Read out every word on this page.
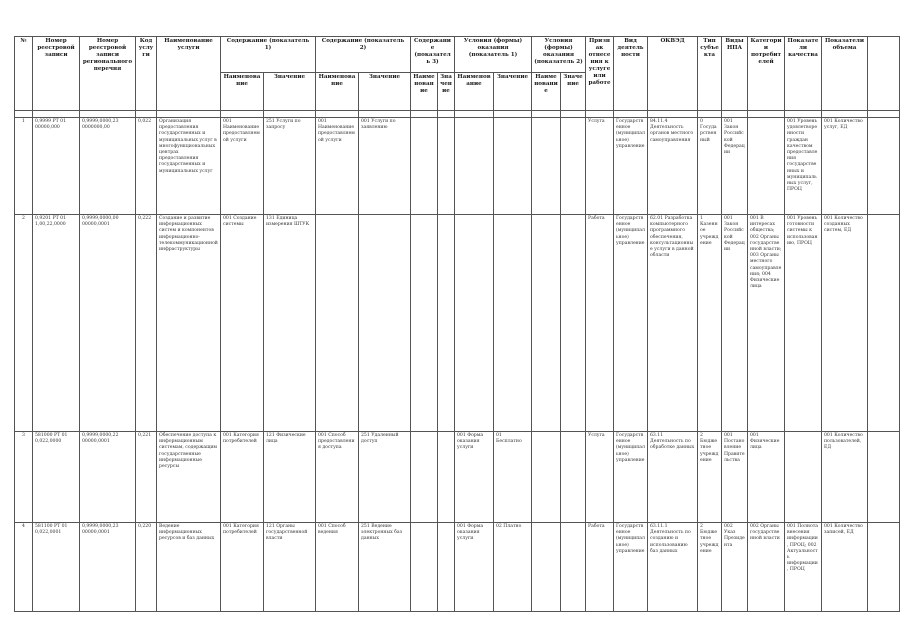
№	Номер реестровой записи	Номер реестровой записи регионального перечня	Код услуги	Наименование услуги	Содержание (показатель 1)		Содержание (показатель 2)		Содержание (показатель 3)		Условия (формы) оказания (показатель 1)		Условия (формы) оказания (показатель 2)		Признак отнесения к услуге или работе	Вид деятельности	ОКВЭД	Тип субъекта	Виды НПА	Категории потребителей	Показатели качества	Показатели объема	
					Наименование	Значение	Наименование	Значение	Наименование	Значение	Наименование	Значение	Наименование	Значение									

1	0,9999 PT 01 00000,000	0,9999,0000,23 0000000,00	0,022	Организация предоставления государственных и муниципальных услуг в многофункциональных центрах предоставления государственных и муниципальных услуг	001 Наименование предоставляемой услуги	251 Услуги по запросу	001 Наименование предоставляемой услуги	001 Услуги по заявлению							Услуга	Государственное (муниципальное) управление	84.11.4 Деятельность органов местного самоуправления	0 Государственный	001 Закон Российской Федерации		001 Уровень удовлетворенности граждан качеством предоставления государственных и муниципальных услуг, ПРОЦ	001 Количество услуг, ЕД	
2	0,9201 PT 01 1,00,22,0000	0,9999,0000,00 00000,0001	0,222	Создание и развитие информационных систем и компонентов информационно-телекоммуникационной инфраструктуры	001 Создание системы	131 Единица измерения ШТУК									Работа	Государственное (муниципальное) управление	62.01 Разработка компьютерного программного обеспечения, консультационные услуги в данной области	1 Казенное учреждение	001 Закон Российской Федерации	001 В интересах общества; 002 Органы государственной власти; 003 Органы местного самоуправления; 004 Физические лица	001 Уровень готовности системы к использованию, ПРОЦ	001 Количество созданных систем, ЕД	
3	581000 PT 01 0,022,0000	0,9999,0000,22 00000,0001	0,221	Обеспечение доступа к информационным системам, содержащим государственные информационные ресурсы	001 Категория потребителей	121 Физические лица	001 Способ предоставления доступа	251 Удаленный доступ			001 Форма оказания услуги	01 Бесплатно			Услуга	Государственное (муниципальное) управление	63.11 Деятельность по обработке данных	2 Бюджетное учреждение	001 Постановление Правительства	001 Физические лица		001 Количество пользователей, ЕД	
4	581100 PT 01 0,022,0001	0,9999,0000,23 00000,0001	0,220	Ведение информационных ресурсов и баз данных	001 Категория потребителей	121 Органы государственной власти	001 Способ ведения	251 Ведение электронных баз данных			001 Форма оказания услуги	02 Платно			Работа	Государственное (муниципальное) управление	63.11.1 Деятельность по созданию и использованию баз данных	2 Бюджетное учреждение	002 Указ Президента	002 Органы государственной власти	001 Полнота внесения информации, ПРОЦ; 002 Актуальность информации, ПРОЦ	001 Количество записей, ЕД	
